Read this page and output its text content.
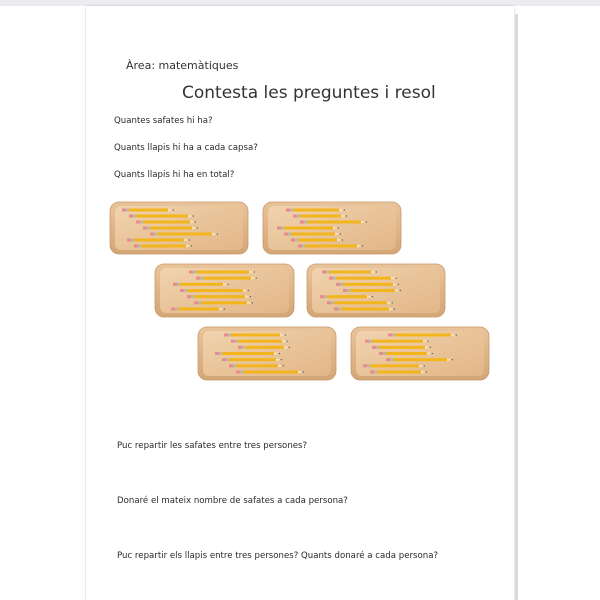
Àrea: matemàtiques
Contesta les preguntes i resol
Quantes safates hi ha?
Quants llapis hi ha a cada capsa?
Quants llapis hi ha en total?
Puc repartir les safates entre tres persones?
Donaré el mateix nombre de safates a cada persona?
Puc repartir els llapis entre tres persones? Quants donaré a cada persona?
